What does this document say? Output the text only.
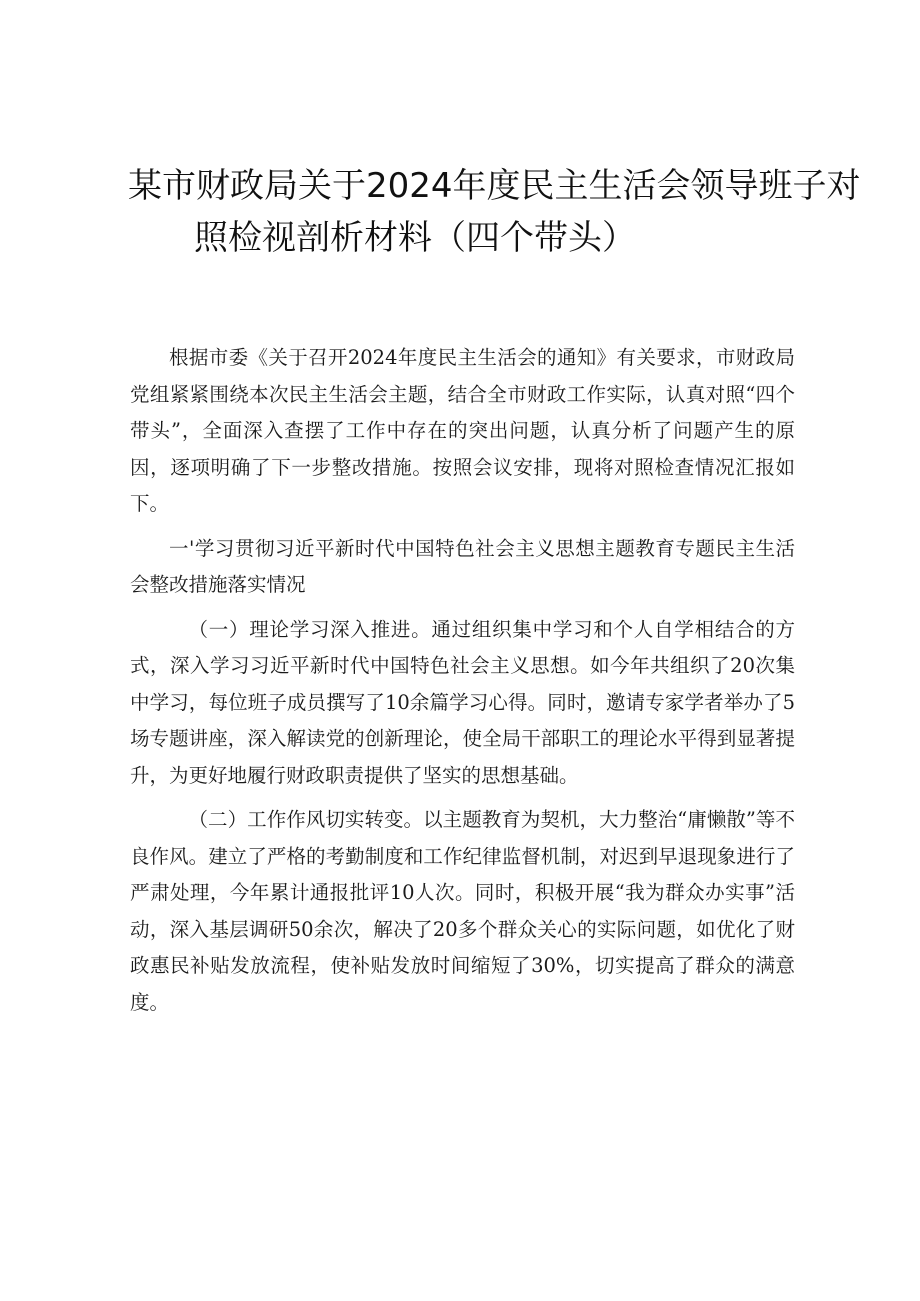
某市财政局关于2024年度民主生活会领导班子对
照检视剖析材料（四个带头）

根据市委《关于召开2024年度民主生活会的通知》有关要求，市财政局党组紧紧围绕本次民主生活会主题，结合全市财政工作实际，认真对照“四个带头”，全面深入查摆了工作中存在的突出问题，认真分析了问题产生的原因，逐项明确了下一步整改措施。按照会议安排，现将对照检查情况汇报如下。

一'学习贯彻习近平新时代中国特色社会主义思想主题教育专题民主生活会整改措施落实情况

（一）理论学习深入推进。通过组织集中学习和个人自学相结合的方式，深入学习习近平新时代中国特色社会主义思想。如今年共组织了20次集中学习，每位班子成员撰写了10余篇学习心得。同时，邀请专家学者举办了5场专题讲座，深入解读党的创新理论，使全局干部职工的理论水平得到显著提升，为更好地履行财政职责提供了坚实的思想基础。

（二）工作作风切实转变。以主题教育为契机，大力整治“庸懒散”等不良作风。建立了严格的考勤制度和工作纪律监督机制，对迟到早退现象进行了严肃处理，今年累计通报批评10人次。同时，积极开展“我为群众办实事”活动，深入基层调研50余次，解决了20多个群众关心的实际问题，如优化了财政惠民补贴发放流程，使补贴发放时间缩短了30%，切实提高了群众的满意度。
